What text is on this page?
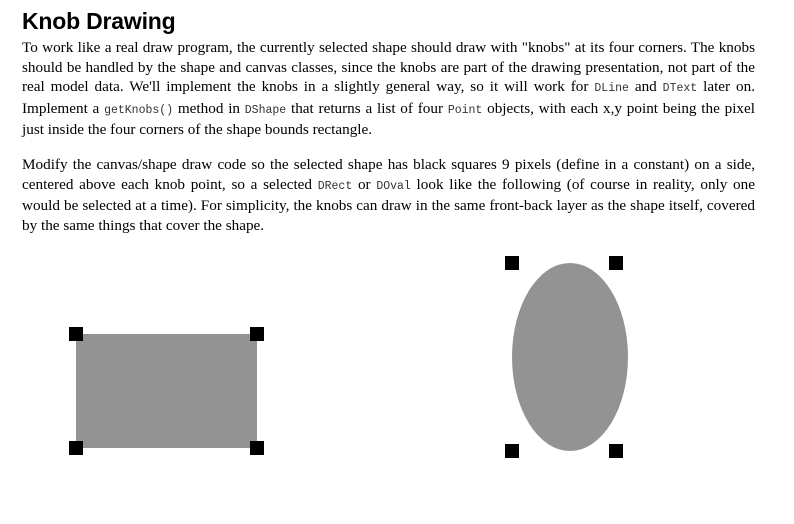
Knob Drawing

To work like a real draw program, the currently selected shape should draw with "knobs" at its four corners. The knobs should be handled by the shape and canvas classes, since the knobs are part of the drawing presentation, not part of the real model data. We'll implement the knobs in a slightly general way, so it will work for DLine and DText later on. Implement a getKnobs() method in DShape that returns a list of four Point objects, with each x,y point being the pixel just inside the four corners of the shape bounds rectangle.

Modify the canvas/shape draw code so the selected shape has black squares 9 pixels (define in a constant) on a side, centered above each knob point, so a selected DRect or DOval look like the following (of course in reality, only one would be selected at a time). For simplicity, the knobs can draw in the same front-back layer as the shape itself, covered by the same things that cover the shape.
